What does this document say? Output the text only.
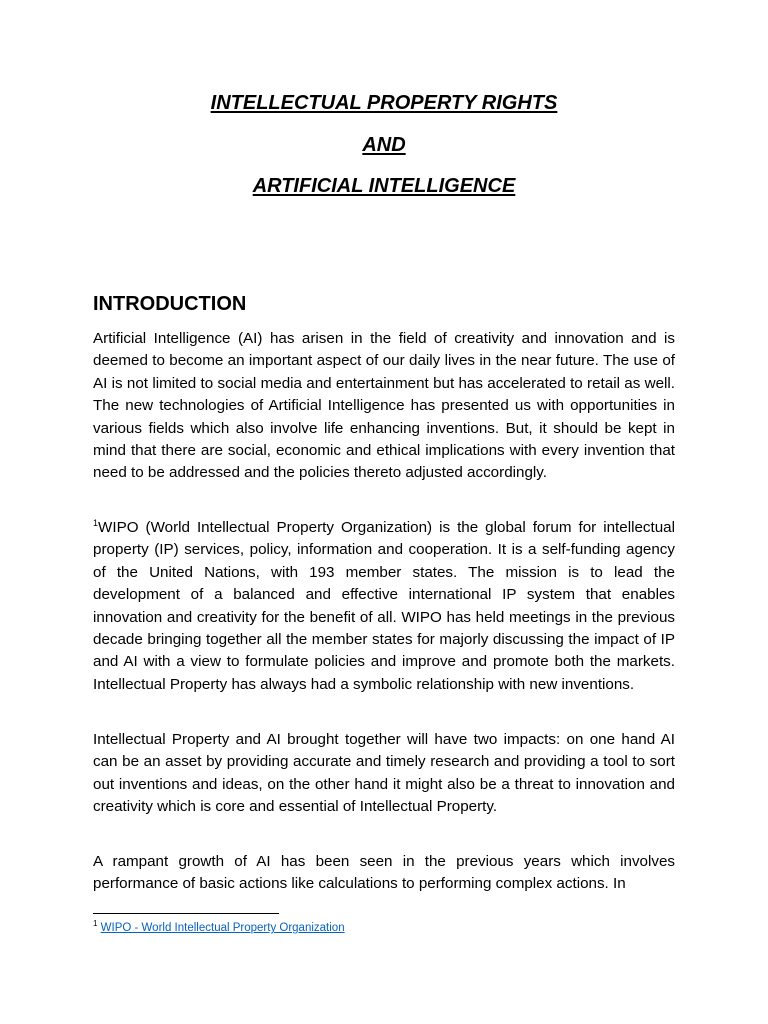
INTELLECTUAL PROPERTY RIGHTS
AND
ARTIFICIAL INTELLIGENCE
INTRODUCTION

Artificial Intelligence (AI) has arisen in the field of creativity and innovation and is deemed to become an important aspect of our daily lives in the near future. The use of AI is not limited to social media and entertainment but has accelerated to retail as well. The new technologies of Artificial Intelligence has presented us with opportunities in various fields which also involve life enhancing inventions. But, it should be kept in mind that there are social, economic and ethical implications with every invention that need to be addressed and the policies thereto adjusted accordingly.

$^1$WIPO (World Intellectual Property Organization) is the global forum for intellectual property (IP) services, policy, information and cooperation. It is a self-funding agency of the United Nations, with 193 member states. The mission is to lead the development of a balanced and effective international IP system that enables innovation and creativity for the benefit of all. WIPO has held meetings in the previous decade bringing together all the member states for majorly discussing the impact of IP and AI with a view to formulate policies and improve and promote both the markets. Intellectual Property has always had a symbolic relationship with new inventions.

Intellectual Property and AI brought together will have two impacts: on one hand AI can be an asset by providing accurate and timely research and providing a tool to sort out inventions and ideas, on the other hand it might also be a threat to innovation and creativity which is core and essential of Intellectual Property.

A rampant growth of AI has been seen in the previous years which involves performance of basic actions like calculations to performing complex actions. In

$^1$ WIPO - World Intellectual Property Organization
